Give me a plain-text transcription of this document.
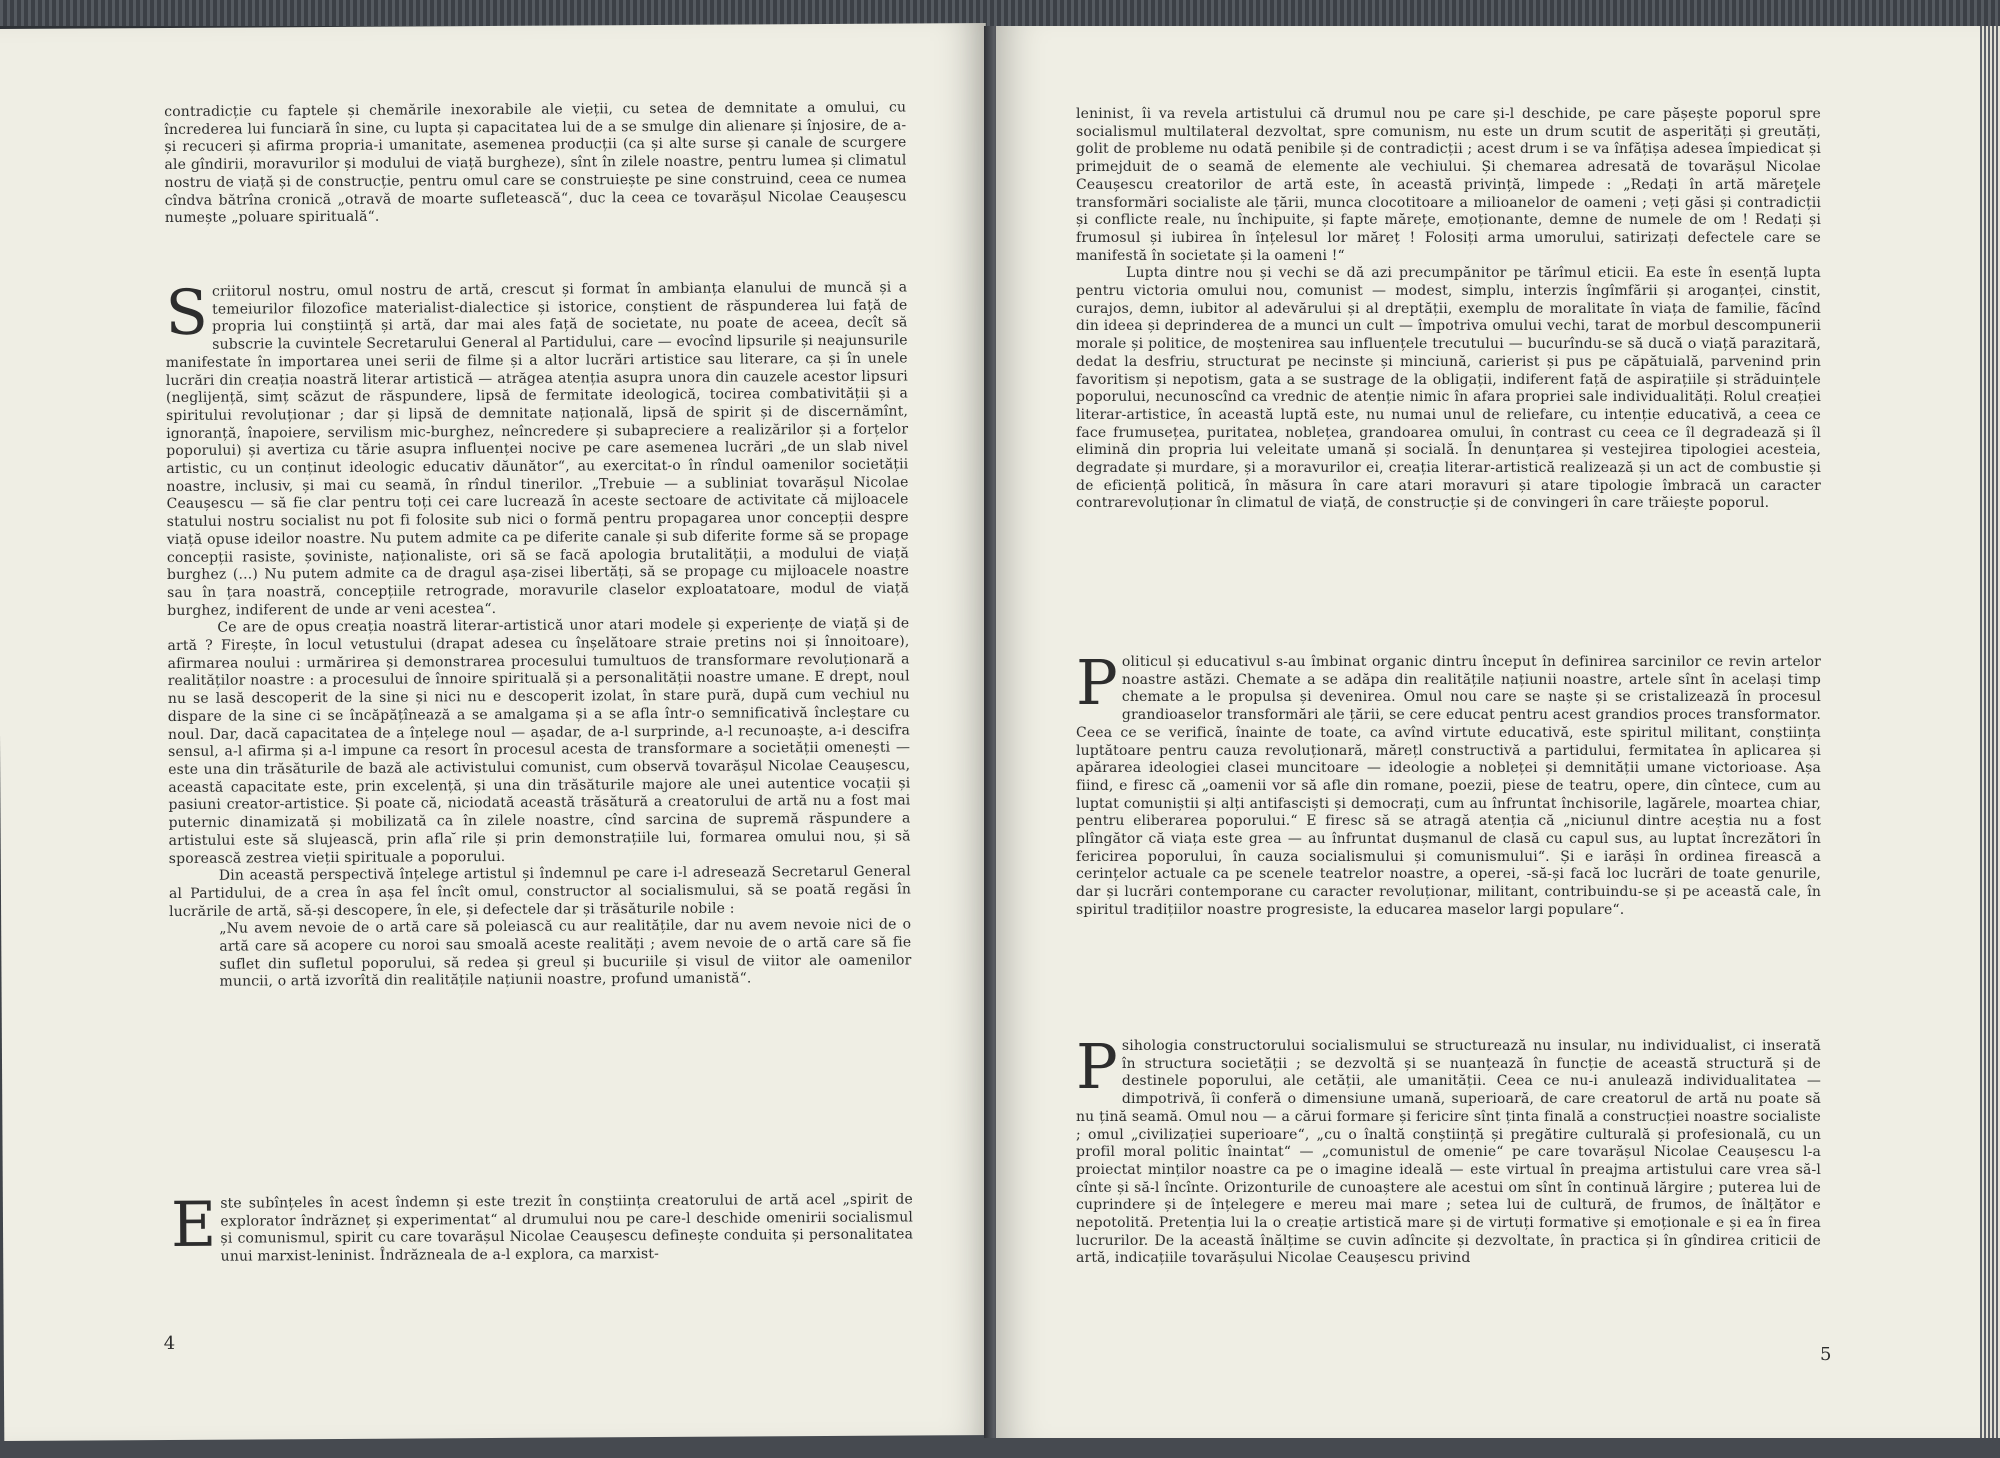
contradicție cu faptele și chemările inexorabile ale vieții, cu setea de demnitate a omului, cu încrederea lui funciară în sine, cu lupta și capacitatea lui de a se smulge din alienare și înjosire, de a-și recuceri și afirma propria-i umanitate, asemenea producții (ca și alte surse și canale de scurgere ale gîndirii, moravurilor și modului de viață burgheze), sînt în zilele noastre, pentru lumea și climatul nostru de viață și de construcție, pentru omul care se construiește pe sine construind, ceea ce numea cîndva bătrîna cronică „otravă de moarte sufletească“, duc la ceea ce tovarășul Nicolae Ceaușescu numește „poluare spirituală“.

Scriitorul nostru, omul nostru de artă, crescut și format în ambianța elanului de muncă și a temeiurilor filozofice materialist-dialectice și istorice, conștient de răspunderea lui față de propria lui conștiință și artă, dar mai ales față de societate, nu poate de aceea, decît să subscrie la cuvintele Secretarului General al Partidului, care — evocînd lipsurile și neajunsurile manifestate în importarea unei serii de filme și a altor lucrări artistice sau literare, ca și în unele lucrări din creația noastră literar artistică — atrăgea atenția asupra unora din cauzele acestor lipsuri (neglijență, simț scăzut de răspundere, lipsă de fermitate ideologică, tocirea combativității și a spiritului revoluționar ; dar și lipsă de demnitate națională, lipsă de spirit și de discernămînt, ignoranță, înapoiere, servilism mic-burghez, neîncredere și subapreciere a realizărilor și a forțelor poporului) și avertiza cu tărie asupra influenței nocive pe care asemenea lucrări „de un slab nivel artistic, cu un conținut ideologic educativ dăunător“, au exercitat-o în rîndul oamenilor societății noastre, inclusiv, și mai cu seamă, în rîndul tinerilor. „Trebuie — a subliniat tovarășul Nicolae Ceaușescu — să fie clar pentru toți cei care lucrează în aceste sectoare de activitate că mijloacele statului nostru socialist nu pot fi folosite sub nici o formă pentru propagarea unor concepții despre viață opuse ideilor noastre. Nu putem admite ca pe diferite canale și sub diferite forme să se propage concepții rasiste, șoviniste, naționaliste, ori să se facă apologia brutalității, a modului de viață burghez (...) Nu putem admite ca de dragul așa-zisei libertăți, să se propage cu mijloacele noastre sau în țara noastră, concepțiile retrograde, moravurile claselor exploatatoare, modul de viață burghez, indiferent de unde ar veni acestea“.

Ce are de opus creația noastră literar-artistică unor atari modele și experiențe de viață și de artă ? Firește, în locul vetustului (drapat adesea cu înșelătoare straie pretins noi și înnoitoare), afirmarea noului : urmărirea și demonstrarea procesului tumultuos de transformare revoluționară a realităților noastre : a procesului de înnoire spirituală și a personalității noastre umane. E drept, noul nu se lasă descoperit de la sine și nici nu e descoperit izolat, în stare pură, după cum vechiul nu dispare de la sine ci se încăpățînează a se amalgama și a se afla într-o semnificativă încleștare cu noul. Dar, dacă capacitatea de a înțelege noul — așadar, de a-l surprinde, a-l recunoaște, a-i descifra sensul, a-l afirma și a-l impune ca resort în procesul acesta de transformare a societății omenești — este una din trăsăturile de bază ale activistului comunist, cum observă tovarășul Nicolae Ceaușescu, această capacitate este, prin excelență, și una din trăsăturile majore ale unei autentice vocații și pasiuni creator-artistice. Și poate că, niciodată această trăsătură a creatorului de artă nu a fost mai puternic dinamizată și mobilizată ca în zilele noastre, cînd sarcina de supremă răspundere a artistului este să slujească, prin afla ̆rile și prin demonstrațiile lui, formarea omului nou, și să sporească zestrea vieții spirituale a poporului.

Din această perspectivă înțelege artistul și îndemnul pe care i-l adresează Secretarul General al Partidului, de a crea în așa fel încît omul, constructor al socialismului, să se poată regăsi în lucrările de artă, să-și descopere, în ele, și defectele dar și trăsăturile nobile :

„Nu avem nevoie de o artă care să poleiască cu aur realitățile, dar nu avem nevoie nici de o artă care să acopere cu noroi sau smoală aceste realități ; avem nevoie de o artă care să fie suflet din sufletul poporului, să redea și greul și bucuriile și visul de viitor ale oamenilor muncii, o artă izvorîtă din realitățile națiunii noastre, profund umanistă“.

Este subînțeles în acest îndemn și este trezit în conștiința creatorului de artă acel „spirit de explorator îndrăzneț și experimentat“ al drumului nou pe care-l deschide omenirii socialismul și comunismul, spirit cu care tovarășul Nicolae Ceaușescu definește conduita și personalitatea unui marxist-leninist. Îndrăzneala de a-l explora, ca marxist-

4

leninist, îi va revela artistului că drumul nou pe care și-l deschide, pe care pășește poporul spre socialismul multilateral dezvoltat, spre comunism, nu este un drum scutit de asperități și greutăți, golit de probleme nu odată penibile și de contradicții ; acest drum i se va înfățișa adesea împiedicat și primejduit de o seamă de elemente ale vechiului. Și chemarea adresată de tovarășul Nicolae Ceaușescu creatorilor de artă este, în această privință, limpede : „Redați în artă măreţele transformări socialiste ale țării, munca clocotitoare a milioanelor de oameni ; veți găsi și contradicții și conflicte reale, nu închipuite, și fapte mărețe, emoționante, demne de numele de om ! Redați și frumosul și iubirea în înțelesul lor măreț ! Folosiți arma umorului, satirizați defectele care se manifestă în societate și la oameni !“

Lupta dintre nou și vechi se dă azi precumpănitor pe tărîmul eticii. Ea este în esență lupta pentru victoria omului nou, comunist — modest, simplu, interzis îngîmfării și aroganței, cinstit, curajos, demn, iubitor al adevărului și al dreptății, exemplu de moralitate în viața de familie, făcînd din ideea și deprinderea de a munci un cult — împotriva omului vechi, tarat de morbul descompunerii morale și politice, de moștenirea sau influențele trecutului — bucurîndu-se să ducă o viață parazitară, dedat la desfriu, structurat pe necinste și minciună, carierist și pus pe căpătuială, parvenind prin favoritism și nepotism, gata a se sustrage de la obligații, indiferent față de aspirațiile și străduințele poporului, necunoscînd ca vrednic de atenție nimic în afara propriei sale individualități. Rolul creației literar-artistice, în această luptă este, nu numai unul de reliefare, cu intenție educativă, a ceea ce face frumusețea, puritatea, noblețea, grandoarea omului, în contrast cu ceea ce îl degradează și îl elimină din propria lui veleitate umană și socială. În denunțarea și vestejirea tipologiei acesteia, degradate și murdare, și a moravurilor ei, creația literar-artistică realizează și un act de combustie și de eficiență politică, în măsura în care atari moravuri și atare tipologie îmbracă un caracter contrarevoluționar în climatul de viață, de construcție și de convingeri în care trăiește poporul.

Politicul și educativul s-au îmbinat organic dintru început în definirea sarcinilor ce revin artelor noastre astăzi. Chemate a se adăpa din realitățile națiunii noastre, artele sînt în același timp chemate a le propulsa și devenirea. Omul nou care se naște și se cristalizează în procesul grandioaselor transformări ale țării, se cere educat pentru acest grandios proces transformator. Ceea ce se verifică, înainte de toate, ca avînd virtute educativă, este spiritul militant, conștiința luptătoare pentru cauza revoluționară, mărețl constructivă a partidului, fermitatea în aplicarea și apărarea ideologiei clasei muncitoare — ideologie a nobleței și demnității umane victorioase. Așa fiind, e firesc că „oamenii vor să afle din romane, poezii, piese de teatru, opere, din cîntece, cum au luptat comuniștii și alți antifasciști și democrați, cum au înfruntat închisorile, lagărele, moartea chiar, pentru eliberarea poporului.“ E firesc să se atragă atenția că „niciunul dintre aceștia nu a fost plîngător că viața este grea — au înfruntat dușmanul de clasă cu capul sus, au luptat încrezători în fericirea poporului, în cauza socialismului și comunismului“. Și e iarăși în ordinea firească a cerințelor actuale ca pe scenele teatrelor noastre, a operei, -să-și facă loc lucrări de toate genurile, dar și lucrări contemporane cu caracter revoluționar, militant, contribuindu-se și pe această cale, în spiritul tradițiilor noastre progresiste, la educarea maselor largi populare“.

Psihologia constructorului socialismului se structurează nu insular, nu individualist, ci inserată în structura societății ; se dezvoltă și se nuanțează în funcție de această structură și de destinele poporului, ale cetății, ale umanității. Ceea ce nu-i anulează individualitatea — dimpotrivă, îi conferă o dimensiune umană, superioară, de care creatorul de artă nu poate să nu țină seamă. Omul nou — a cărui formare și fericire sînt ținta finală a construcției noastre socialiste ; omul „civilizației superioare“, „cu o înaltă conștiință și pregătire culturală și profesională, cu un profil moral politic înaintat“ — „comunistul de omenie“ pe care tovarășul Nicolae Ceaușescu l-a proiectat minților noastre ca pe o imagine ideală — este virtual în preajma artistului care vrea să-l cînte și să-l încînte. Orizonturile de cunoaștere ale acestui om sînt în continuă lărgire ; puterea lui de cuprindere și de înțelegere e mereu mai mare ; setea lui de cultură, de frumos, de înălțător e nepotolită. Pretenția lui la o creație artistică mare și de virtuți formative și emoționale e și ea în firea lucrurilor. De la această înălțime se cuvin adîncite și dezvoltate, în practica și în gîndirea criticii de artă, indicațiile tovarășului Nicolae Ceaușescu privind

5
